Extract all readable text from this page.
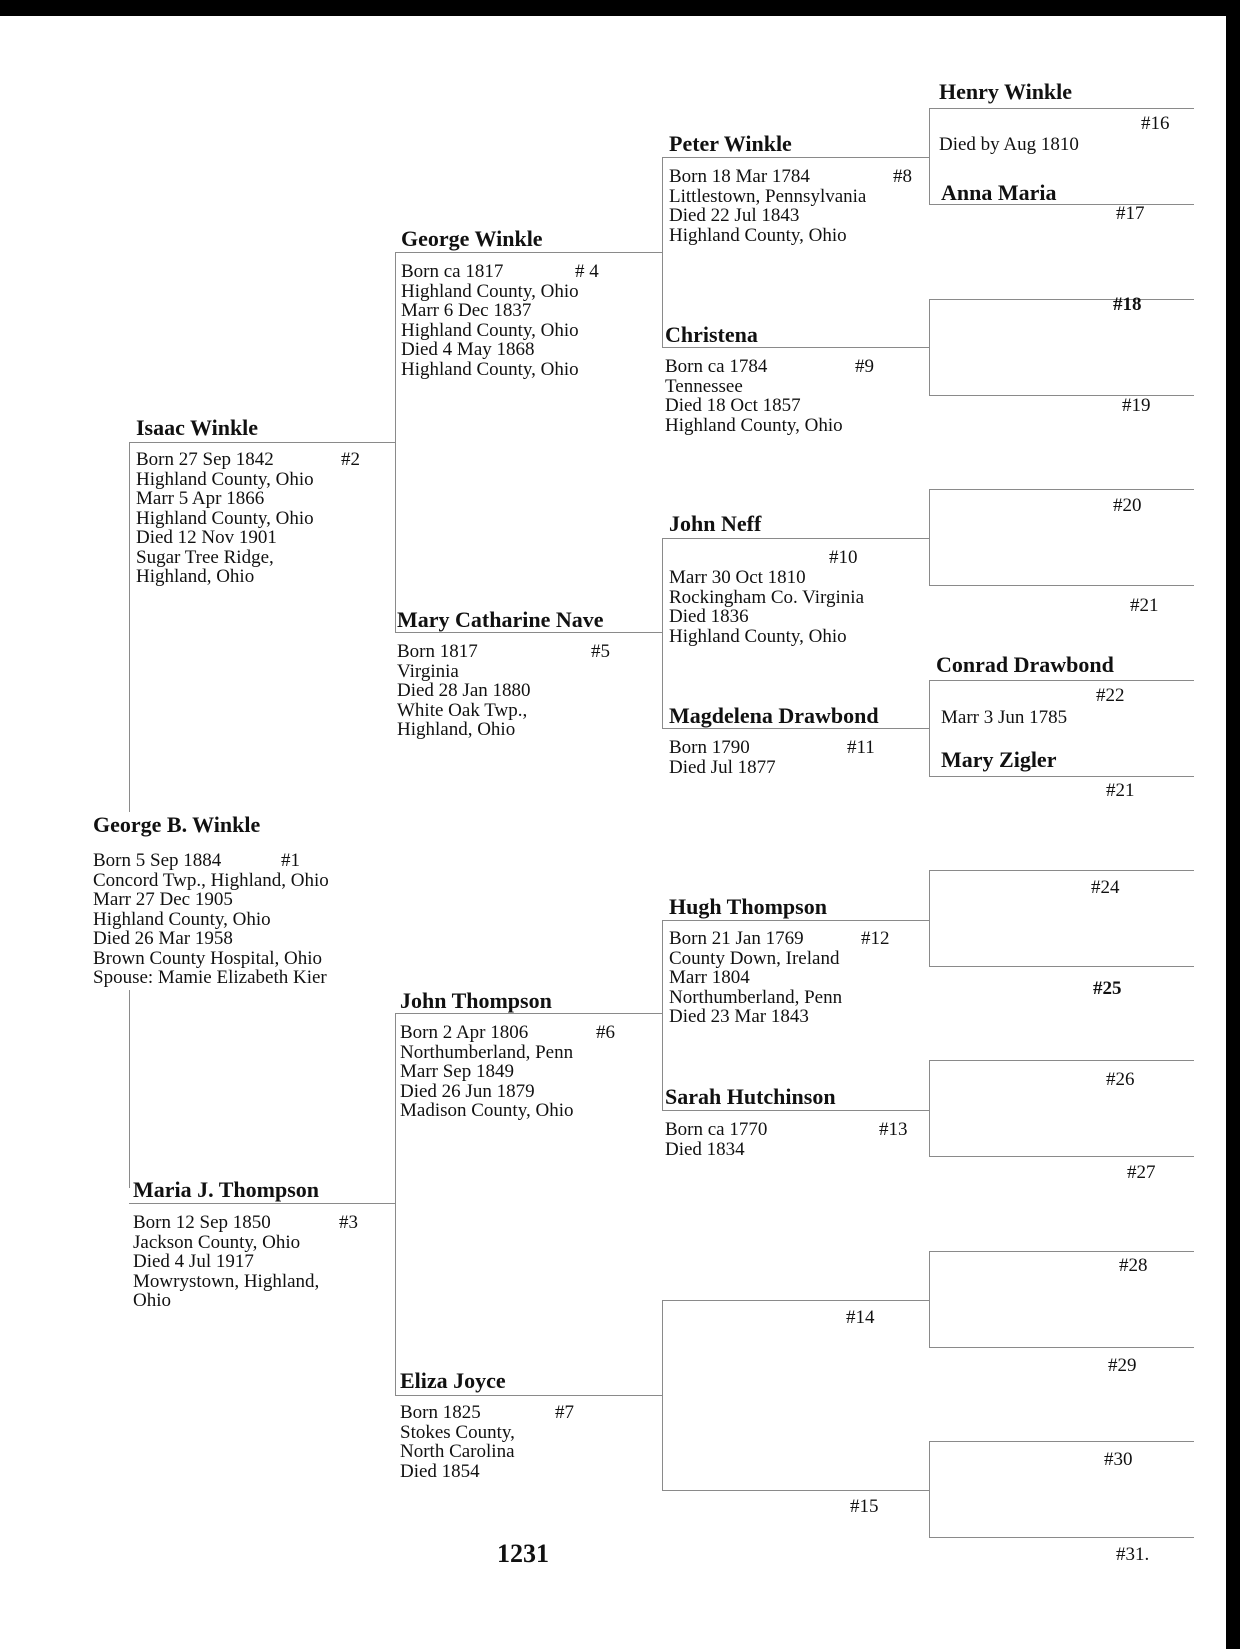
George B. Winkle
#1
Born 5 Sep 1884
Concord Twp., Highland, Ohio
Marr 27 Dec 1905
Highland County, Ohio
Died 26 Mar 1958
Brown County Hospital, Ohio
Spouse: Mamie Elizabeth Kier
Isaac Winkle
#2
Born 27 Sep 1842
Highland County, Ohio
Marr 5 Apr 1866
Highland County, Ohio
Died 12 Nov 1901
Sugar Tree Ridge,
Highland, Ohio
Maria J. Thompson
#3
Born 12 Sep 1850
Jackson County, Ohio
Died 4 Jul 1917
Mowrystown, Highland,
Ohio
George Winkle
# 4
Born ca 1817
Highland County, Ohio
Marr 6 Dec 1837
Highland County, Ohio
Died 4 May 1868
Highland County, Ohio
Mary Catharine Nave
#5
Born 1817
Virginia
Died 28 Jan 1880
White Oak Twp.,
Highland, Ohio
John Thompson
#6
Born 2 Apr 1806
Northumberland, Penn
Marr Sep 1849
Died 26 Jun 1879
Madison County, Ohio
Eliza Joyce
#7
Born 1825
Stokes County,
North Carolina
Died 1854
Peter Winkle
#8
Born 18 Mar 1784
Littlestown, Pennsylvania
Died 22 Jul 1843
Highland County, Ohio
Christena
#9
Born ca 1784
Tennessee
Died 18 Oct 1857
Highland County, Ohio
John Neff
#10
Marr 30 Oct 1810
Rockingham Co. Virginia
Died 1836
Highland County, Ohio
Magdelena Drawbond
#11
Born 1790
Died Jul 1877
Hugh Thompson
#12
Born 21 Jan 1769
County Down, Ireland
Marr 1804
Northumberland, Penn
Died 23 Mar 1843
Sarah Hutchinson
#13
Born ca 1770
Died 1834
#14
#15
Henry Winkle
#16
Died by Aug 1810
Anna Maria
#17
#18
#19
#20
#21
Conrad Drawbond
#22
Marr 3 Jun 1785
Mary Zigler
#21
#24
#25
#26
#27
#28
#29
#30
#31.
1231
